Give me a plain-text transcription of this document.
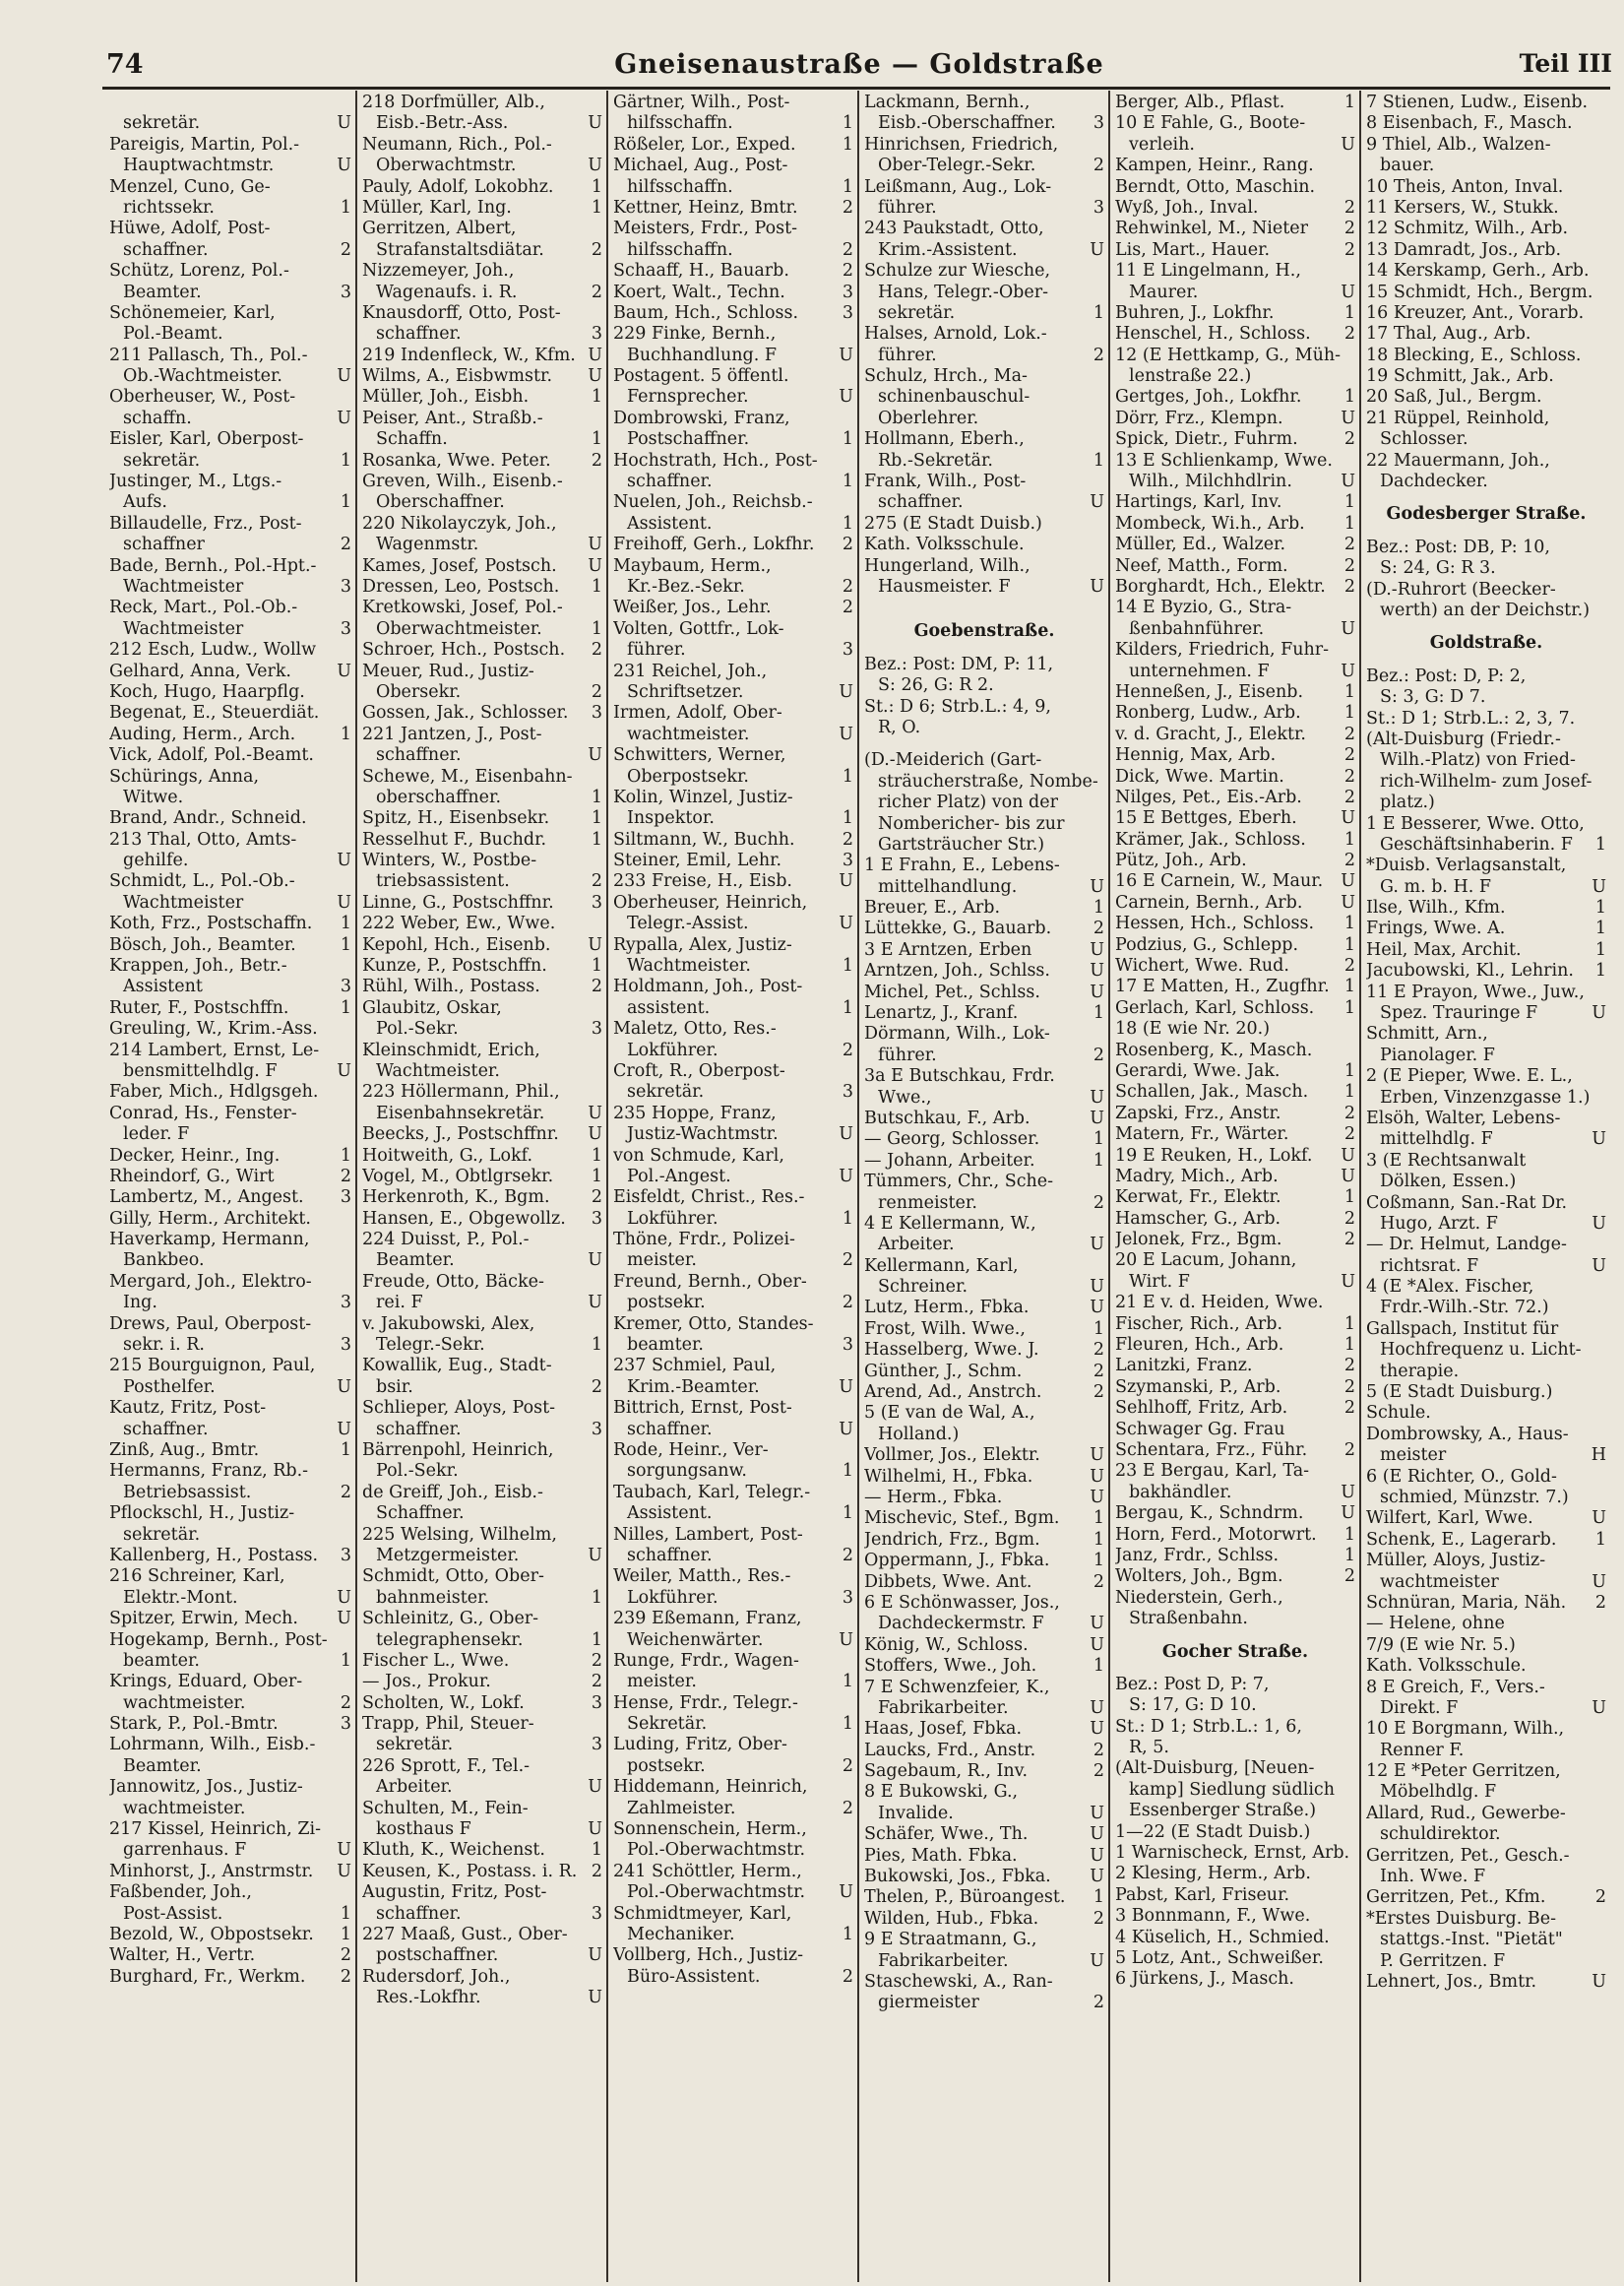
74	Gneisenaustraße — Goldstraße	Teil III
U
sekretär.
Pareigis, Martin, Pol.-
U
Hauptwachtmstr.
Menzel, Cuno, Ge-
1
richtssekr.
Hüwe, Adolf, Post-
2
schaffner.
Schütz, Lorenz, Pol.-
3
Beamter.
Schönemeier, Karl,
Pol.-Beamt.
211 Pallasch, Th., Pol.-
U
Ob.-Wachtmeister.
Oberheuser, W., Post-
U
schaffn.
Eisler, Karl, Oberpost-
1
sekretär.
Justinger, M., Ltgs.-
1
Aufs.
Billaudelle, Frz., Post-
2
schaffner
Bade, Bernh., Pol.-Hpt.-
3
Wachtmeister
Reck, Mart., Pol.-Ob.-
3
Wachtmeister
212 Esch, Ludw., Wollw
U
Gelhard, Anna, Verk.
Koch, Hugo, Haarpflg.
Begenat, E., Steuerdiät.
1
Auding, Herm., Arch.
Vick, Adolf, Pol.-Beamt.
Schürings, Anna,
Witwe.
Brand, Andr., Schneid.
213 Thal, Otto, Amts-
U
gehilfe.
Schmidt, L., Pol.-Ob.-
U
Wachtmeister
1
Koth, Frz., Postschaffn.
1
Bösch, Joh., Beamter.
Krappen, Joh., Betr.-
3
Assistent
1
Ruter, F., Postschffn.
Greuling, W., Krim.-Ass.
214 Lambert, Ernst, Le-
U
bensmittelhdlg. F
Faber, Mich., Hdlgsgeh.
Conrad, Hs., Fenster-
leder. F
1
Decker, Heinr., Ing.
2
Rheindorf, G., Wirt
3
Lambertz, M., Angest.
Gilly, Herm., Architekt.
Haverkamp, Hermann,
Bankbeo.
Mergard, Joh., Elektro-
3
Ing.
Drews, Paul, Oberpost-
3
sekr. i. R.
215 Bourguignon, Paul,
U
Posthelfer.
Kautz, Fritz, Post-
U
schaffner.
1
Zinß, Aug., Bmtr.
Hermanns, Franz, Rb.-
2
Betriebsassist.
Pflockschl, H., Justiz-
sekretär.
3
Kallenberg, H., Postass.
216 Schreiner, Karl,
U
Elektr.-Mont.
U
Spitzer, Erwin, Mech.
Hogekamp, Bernh., Post-
1
beamter.
Krings, Eduard, Ober-
2
wachtmeister.
3
Stark, P., Pol.-Bmtr.
Lohrmann, Wilh., Eisb.-
Beamter.
Jannowitz, Jos., Justiz-
wachtmeister.
217 Kissel, Heinrich, Zi-
U
garrenhaus. F
U
Minhorst, J., Anstrmstr.
Faßbender, Joh.,
1
Post-Assist.
1
Bezold, W., Obpostsekr.
2
Walter, H., Vertr.
2
Burghard, Fr., Werkm.
218 Dorfmüller, Alb.,
U
Eisb.-Betr.-Ass.
Neumann, Rich., Pol.-
U
Oberwachtmstr.
1
Pauly, Adolf, Lokobhz.
1
Müller, Karl, Ing.
Gerritzen, Albert,
2
Strafanstaltsdiätar.
Nizzemeyer, Joh.,
2
Wagenaufs. i. R.
Knausdorff, Otto, Post-
3
schaffner.
U
219 Indenfleck, W., Kfm.
U
Wilms, A., Eisbwmstr.
1
Müller, Joh., Eisbh.
Peiser, Ant., Straßb.-
1
Schaffn.
2
Rosanka, Wwe. Peter.
Greven, Wilh., Eisenb.-
Oberschaffner.
220 Nikolayczyk, Joh.,
U
Wagenmstr.
U
Kames, Josef, Postsch.
1
Dressen, Leo, Postsch.
Kretkowski, Josef, Pol.-
1
Oberwachtmeister.
2
Schroer, Hch., Postsch.
Meuer, Rud., Justiz-
2
Obersekr.
3
Gossen, Jak., Schlosser.
221 Jantzen, J., Post-
U
schaffner.
Schewe, M., Eisenbahn-
1
oberschaffner.
1
Spitz, H., Eisenbsekr.
1
Resselhut F., Buchdr.
Winters, W., Postbe-
2
triebsassistent.
3
Linne, G., Postschffnr.
222 Weber, Ew., Wwe.
U
Kepohl, Hch., Eisenb.
1
Kunze, P., Postschffn.
2
Rühl, Wilh., Postass.
Glaubitz, Oskar,
3
Pol.-Sekr.
Kleinschmidt, Erich,
Wachtmeister.
223 Höllermann, Phil.,
U
Eisenbahnsekretär.
U
Beecks, J., Postschffnr.
1
Hoitweith, G., Lokf.
1
Vogel, M., Obtlgrsekr.
2
Herkenroth, K., Bgm.
3
Hansen, E., Obgewollz.
224 Duisst, P., Pol.-
U
Beamter.
Freude, Otto, Bäcke-
U
rei. F
v. Jakubowski, Alex,
1
Telegr.-Sekr.
Kowallik, Eug., Stadt-
2
bsir.
Schlieper, Aloys, Post-
3
schaffner.
Bärrenpohl, Heinrich,
Pol.-Sekr.
de Greiff, Joh., Eisb.-
Schaffner.
225 Welsing, Wilhelm,
U
Metzgermeister.
Schmidt, Otto, Ober-
1
bahnmeister.
Schleinitz, G., Ober-
1
telegraphensekr.
2
Fischer L., Wwe.
2
— Jos., Prokur.
3
Scholten, W., Lokf.
Trapp, Phil, Steuer-
3
sekretär.
226 Sprott, F., Tel.-
U
Arbeiter.
Schulten, M., Fein-
U
kosthaus F
1
Kluth, K., Weichenst.
2
Keusen, K., Postass. i. R.
Augustin, Fritz, Post-
3
schaffner.
227 Maaß, Gust., Ober-
U
postschaffner.
Rudersdorf, Joh.,
U
Res.-Lokfhr.
Gärtner, Wilh., Post-
1
hilfsschaffn.
1
Rößeler, Lor., Exped.
Michael, Aug., Post-
1
hilfsschaffn.
2
Kettner, Heinz, Bmtr.
Meisters, Frdr., Post-
2
hilfsschaffn.
2
Schaaff, H., Bauarb.
3
Koert, Walt., Techn.
3
Baum, Hch., Schloss.
229 Finke, Bernh.,
U
Buchhandlung. F
Postagent. 5 öffentl.
U
Fernsprecher.
Dombrowski, Franz,
1
Postschaffner.
Hochstrath, Hch., Post-
1
schaffner.
Nuelen, Joh., Reichsb.-
1
Assistent.
2
Freihoff, Gerh., Lokfhr.
Maybaum, Herm.,
2
Kr.-Bez.-Sekr.
2
Weißer, Jos., Lehr.
Volten, Gottfr., Lok-
3
führer.
231 Reichel, Joh.,
U
Schriftsetzer.
Irmen, Adolf, Ober-
U
wachtmeister.
Schwitters, Werner,
1
Oberpostsekr.
Kolin, Winzel, Justiz-
1
Inspektor.
2
Siltmann, W., Buchh.
3
Steiner, Emil, Lehr.
U
233 Freise, H., Eisb.
Oberheuser, Heinrich,
U
Telegr.-Assist.
Rypalla, Alex, Justiz-
1
Wachtmeister.
Holdmann, Joh., Post-
1
assistent.
Maletz, Otto, Res.-
2
Lokführer.
Croft, R., Oberpost-
3
sekretär.
235 Hoppe, Franz,
U
Justiz-Wachtmstr.
von Schmude, Karl,
U
Pol.-Angest.
Eisfeldt, Christ., Res.-
1
Lokführer.
Thöne, Frdr., Polizei-
2
meister.
Freund, Bernh., Ober-
2
postsekr.
Kremer, Otto, Standes-
3
beamter.
237 Schmiel, Paul,
U
Krim.-Beamter.
Bittrich, Ernst, Post-
U
schaffner.
Rode, Heinr., Ver-
1
sorgungsanw.
Taubach, Karl, Telegr.-
1
Assistent.
Nilles, Lambert, Post-
2
schaffner.
Weiler, Matth., Res.-
3
Lokführer.
239 Eßemann, Franz,
U
Weichenwärter.
Runge, Frdr., Wagen-
1
meister.
Hense, Frdr., Telegr.-
1
Sekretär.
Luding, Fritz, Ober-
2
postsekr.
Hiddemann, Heinrich,
2
Zahlmeister.
Sonnenschein, Herm.,
Pol.-Oberwachtmstr.
241 Schöttler, Herm.,
U
Pol.-Oberwachtmstr.
Schmidtmeyer, Karl,
1
Mechaniker.
Vollberg, Hch., Justiz-
2
Büro-Assistent.
Lackmann, Bernh.,
3
Eisb.-Oberschaffner.
Hinrichsen, Friedrich,
2
Ober-Telegr.-Sekr.
Leißmann, Aug., Lok-
3
führer.
243 Paukstadt, Otto,
U
Krim.-Assistent.
Schulze zur Wiesche,
Hans, Telegr.-Ober-
1
sekretär.
Halses, Arnold, Lok.-
2
führer.
Schulz, Hrch., Ma-
schinenbauschul-
Oberlehrer.
Hollmann, Eberh.,
1
Rb.-Sekretär.
Frank, Wilh., Post-
U
schaffner.
275 (E Stadt Duisb.)
Kath. Volksschule.
Hungerland, Wilh.,
U
Hausmeister. F
Goebenstraße.
Bez.: Post: DM, P: 11,
S: 26, G: R 2.
St.: D 6; Strb.L.: 4, 9,
R, O.
(D.-Meiderich (Gart-
sträucherstraße, Nombe-
richer Platz) von der
Nombericher- bis zur
Gartsträucher Str.)
1 E Frahn, E., Lebens-
U
mittelhandlung.
1
Breuer, E., Arb.
2
Lüttekke, G., Bauarb.
U
3 E Arntzen, Erben
U
Arntzen, Joh., Schlss.
U
Michel, Pet., Schlss.
1
Lenartz, J., Kranf.
Dörmann, Wilh., Lok-
2
führer.
3a E Butschkau, Frdr.
U
Wwe.,
U
Butschkau, F., Arb.
1
— Georg, Schlosser.
1
— Johann, Arbeiter.
Tümmers, Chr., Sche-
2
renmeister.
4 E Kellermann, W.,
U
Arbeiter.
Kellermann, Karl,
U
Schreiner.
U
Lutz, Herm., Fbka.
1
Frost, Wilh. Wwe.,
2
Hasselberg, Wwe. J.
2
Günther, J., Schm.
2
Arend, Ad., Anstrch.
5 (E van de Wal, A.,
Holland.)
U
Vollmer, Jos., Elektr.
U
Wilhelmi, H., Fbka.
U
— Herm., Fbka.
1
Mischevic, Stef., Bgm.
1
Jendrich, Frz., Bgm.
1
Oppermann, J., Fbka.
2
Dibbets, Wwe. Ant.
6 E Schönwasser, Jos.,
U
Dachdeckermstr. F
U
König, W., Schloss.
1
Stoffers, Wwe., Joh.
7 E Schwenzfeier, K.,
U
Fabrikarbeiter.
U
Haas, Josef, Fbka.
2
Laucks, Frd., Anstr.
2
Sagebaum, R., Inv.
8 E Bukowski, G.,
U
Invalide.
U
Schäfer, Wwe., Th.
U
Pies, Math. Fbka.
U
Bukowski, Jos., Fbka.
1
Thelen, P., Büroangest.
2
Wilden, Hub., Fbka.
9 E Straatmann, G.,
U
Fabrikarbeiter.
Staschewski, A., Ran-
2
giermeister
1
Berger, Alb., Pflast.
10 E Fahle, G., Boote-
U
verleih.
Kampen, Heinr., Rang.
Berndt, Otto, Maschin.
2
Wyß, Joh., Inval.
2
Rehwinkel, M., Nieter
2
Lis, Mart., Hauer.
11 E Lingelmann, H.,
U
Maurer.
1
Buhren, J., Lokfhr.
2
Henschel, H., Schloss.
12 (E Hettkamp, G., Müh-
lenstraße 22.)
1
Gertges, Joh., Lokfhr.
U
Dörr, Frz., Klempn.
2
Spick, Dietr., Fuhrm.
13 E Schlienkamp, Wwe.
U
Wilh., Milchhdlrin.
1
Hartings, Karl, Inv.
1
Mombeck, Wi.h., Arb.
2
Müller, Ed., Walzer.
2
Neef, Matth., Form.
2
Borghardt, Hch., Elektr.
14 E Byzio, G., Stra-
U
ßenbahnführer.
Kilders, Friedrich, Fuhr-
U
unternehmen. F
1
Henneßen, J., Eisenb.
1
Ronberg, Ludw., Arb.
2
v. d. Gracht, J., Elektr.
2
Hennig, Max, Arb.
2
Dick, Wwe. Martin.
2
Nilges, Pet., Eis.-Arb.
U
15 E Bettges, Eberh.
1
Krämer, Jak., Schloss.
2
Pütz, Joh., Arb.
U
16 E Carnein, W., Maur.
U
Carnein, Bernh., Arb.
1
Hessen, Hch., Schloss.
1
Podzius, G., Schlepp.
2
Wichert, Wwe. Rud.
1
17 E Matten, H., Zugfhr.
1
Gerlach, Karl, Schloss.
18 (E wie Nr. 20.)
Rosenberg, K., Masch.
1
Gerardi, Wwe. Jak.
1
Schallen, Jak., Masch.
2
Zapski, Frz., Anstr.
2
Matern, Fr., Wärter.
U
19 E Reuken, H., Lokf.
U
Madry, Mich., Arb.
1
Kerwat, Fr., Elektr.
2
Hamscher, G., Arb.
2
Jelonek, Frz., Bgm.
20 E Lacum, Johann,
U
Wirt. F
21 E v. d. Heiden, Wwe.
1
Fischer, Rich., Arb.
1
Fleuren, Hch., Arb.
2
Lanitzki, Franz.
2
Szymanski, P., Arb.
2
Sehlhoff, Fritz, Arb.
Schwager Gg. Frau
2
Schentara, Frz., Führ.
23 E Bergau, Karl, Ta-
U
bakhändler.
U
Bergau, K., Schndrm.
1
Horn, Ferd., Motorwrt.
1
Janz, Frdr., Schlss.
2
Wolters, Joh., Bgm.
Niederstein, Gerh.,
Straßenbahn.
Gocher Straße.
Bez.: Post D, P: 7,
S: 17, G: D 10.
St.: D 1; Strb.L.: 1, 6,
R, 5.
(Alt-Duisburg, [Neuen-
kamp] Siedlung südlich
Essenberger Straße.)
1—22 (E Stadt Duisb.)
1 Warnischeck, Ernst, Arb.
2 Klesing, Herm., Arb.
Pabst, Karl, Friseur.
3 Bonnmann, F., Wwe.
4 Küselich, H., Schmied.
5 Lotz, Ant., Schweißer.
6 Jürkens, J., Masch.
7 Stienen, Ludw., Eisenb.
8 Eisenbach, F., Masch.
9 Thiel, Alb., Walzen-
bauer.
10 Theis, Anton, Inval.
11 Kersers, W., Stukk.
12 Schmitz, Wilh., Arb.
13 Damradt, Jos., Arb.
14 Kerskamp, Gerh., Arb.
15 Schmidt, Hch., Bergm.
16 Kreuzer, Ant., Vorarb.
17 Thal, Aug., Arb.
18 Blecking, E., Schloss.
19 Schmitt, Jak., Arb.
20 Saß, Jul., Bergm.
21 Rüppel, Reinhold,
Schlosser.
22 Mauermann, Joh.,
Dachdecker.
Godesberger Straße.
Bez.: Post: DB, P: 10,
S: 24, G: R 3.
(D.-Ruhrort (Beecker-
werth) an der Deichstr.)
Goldstraße.
Bez.: Post: D, P: 2,
S: 3, G: D 7.
St.: D 1; Strb.L.: 2, 3, 7.
(Alt-Duisburg (Friedr.-
Wilh.-Platz) von Fried-
rich-Wilhelm- zum Josef-
platz.)
1 E Besserer, Wwe. Otto,
1
Geschäftsinhaberin. F
*Duisb. Verlagsanstalt,
U
G. m. b. H. F
1
Ilse, Wilh., Kfm.
1
Frings, Wwe. A.
1
Heil, Max, Archit.
1
Jacubowski, Kl., Lehrin.
11 E Prayon, Wwe., Juw.,
U
Spez. Trauringe F
Schmitt, Arn.,
Pianolager. F
2 (E Pieper, Wwe. E. L.,
Erben, Vinzenzgasse 1.)
Elsöh, Walter, Lebens-
U
mittelhdlg. F
3 (E Rechtsanwalt
Dölken, Essen.)
Coßmann, San.-Rat Dr.
U
Hugo, Arzt. F
— Dr. Helmut, Landge-
U
richtsrat. F
4 (E *Alex. Fischer,
Frdr.-Wilh.-Str. 72.)
Gallspach, Institut für
Hochfrequenz u. Licht-
therapie.
5 (E Stadt Duisburg.)
Schule.
Dombrowsky, A., Haus-
H
meister
6 (E Richter, O., Gold-
schmied, Münzstr. 7.)
U
Wilfert, Karl, Wwe.
1
Schenk, E., Lagerarb.
Müller, Aloys, Justiz-
U
wachtmeister
2
Schnüran, Maria, Näh.
— Helene, ohne
7/9 (E wie Nr. 5.)
Kath. Volksschule.
8 E Greich, F., Vers.-
U
Direkt. F
10 E Borgmann, Wilh.,
Renner F.
12 E *Peter Gerritzen,
Möbelhdlg. F
Allard, Rud., Gewerbe-
schuldirektor.
Gerritzen, Pet., Gesch.-
Inh. Wwe. F
2
Gerritzen, Pet., Kfm.
*Erstes Duisburg. Be-
stattgs.-Inst. "Pietät"
P. Gerritzen. F
U
Lehnert, Jos., Bmtr.
